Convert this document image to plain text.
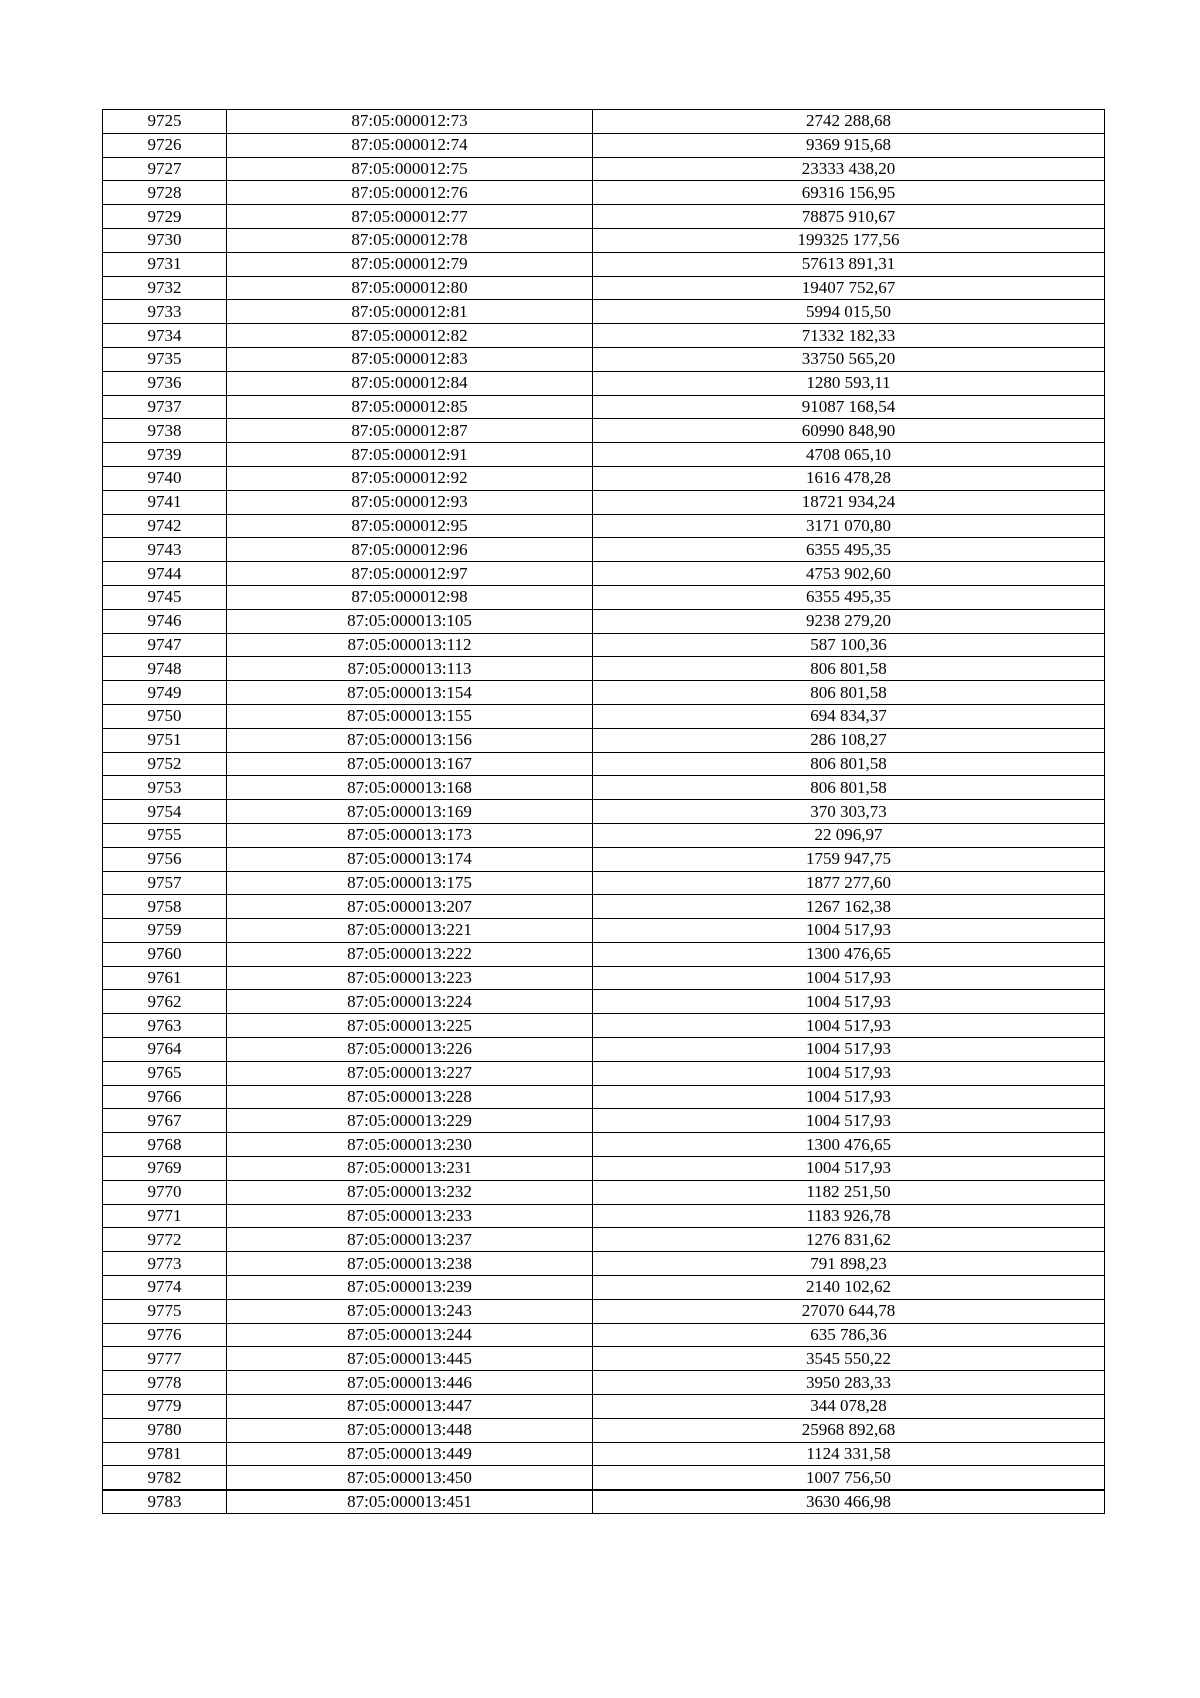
9725	87:05:000012:73	2742 288,68
9726	87:05:000012:74	9369 915,68
9727	87:05:000012:75	23333 438,20
9728	87:05:000012:76	69316 156,95
9729	87:05:000012:77	78875 910,67
9730	87:05:000012:78	199325 177,56
9731	87:05:000012:79	57613 891,31
9732	87:05:000012:80	19407 752,67
9733	87:05:000012:81	5994 015,50
9734	87:05:000012:82	71332 182,33
9735	87:05:000012:83	33750 565,20
9736	87:05:000012:84	1280 593,11
9737	87:05:000012:85	91087 168,54
9738	87:05:000012:87	60990 848,90
9739	87:05:000012:91	4708 065,10
9740	87:05:000012:92	1616 478,28
9741	87:05:000012:93	18721 934,24
9742	87:05:000012:95	3171 070,80
9743	87:05:000012:96	6355 495,35
9744	87:05:000012:97	4753 902,60
9745	87:05:000012:98	6355 495,35
9746	87:05:000013:105	9238 279,20
9747	87:05:000013:112	587 100,36
9748	87:05:000013:113	806 801,58
9749	87:05:000013:154	806 801,58
9750	87:05:000013:155	694 834,37
9751	87:05:000013:156	286 108,27
9752	87:05:000013:167	806 801,58
9753	87:05:000013:168	806 801,58
9754	87:05:000013:169	370 303,73
9755	87:05:000013:173	22 096,97
9756	87:05:000013:174	1759 947,75
9757	87:05:000013:175	1877 277,60
9758	87:05:000013:207	1267 162,38
9759	87:05:000013:221	1004 517,93
9760	87:05:000013:222	1300 476,65
9761	87:05:000013:223	1004 517,93
9762	87:05:000013:224	1004 517,93
9763	87:05:000013:225	1004 517,93
9764	87:05:000013:226	1004 517,93
9765	87:05:000013:227	1004 517,93
9766	87:05:000013:228	1004 517,93
9767	87:05:000013:229	1004 517,93
9768	87:05:000013:230	1300 476,65
9769	87:05:000013:231	1004 517,93
9770	87:05:000013:232	1182 251,50
9771	87:05:000013:233	1183 926,78
9772	87:05:000013:237	1276 831,62
9773	87:05:000013:238	791 898,23
9774	87:05:000013:239	2140 102,62
9775	87:05:000013:243	27070 644,78
9776	87:05:000013:244	635 786,36
9777	87:05:000013:445	3545 550,22
9778	87:05:000013:446	3950 283,33
9779	87:05:000013:447	344 078,28
9780	87:05:000013:448	25968 892,68
9781	87:05:000013:449	1124 331,58
9782	87:05:000013:450	1007 756,50
9783	87:05:000013:451	3630 466,98
